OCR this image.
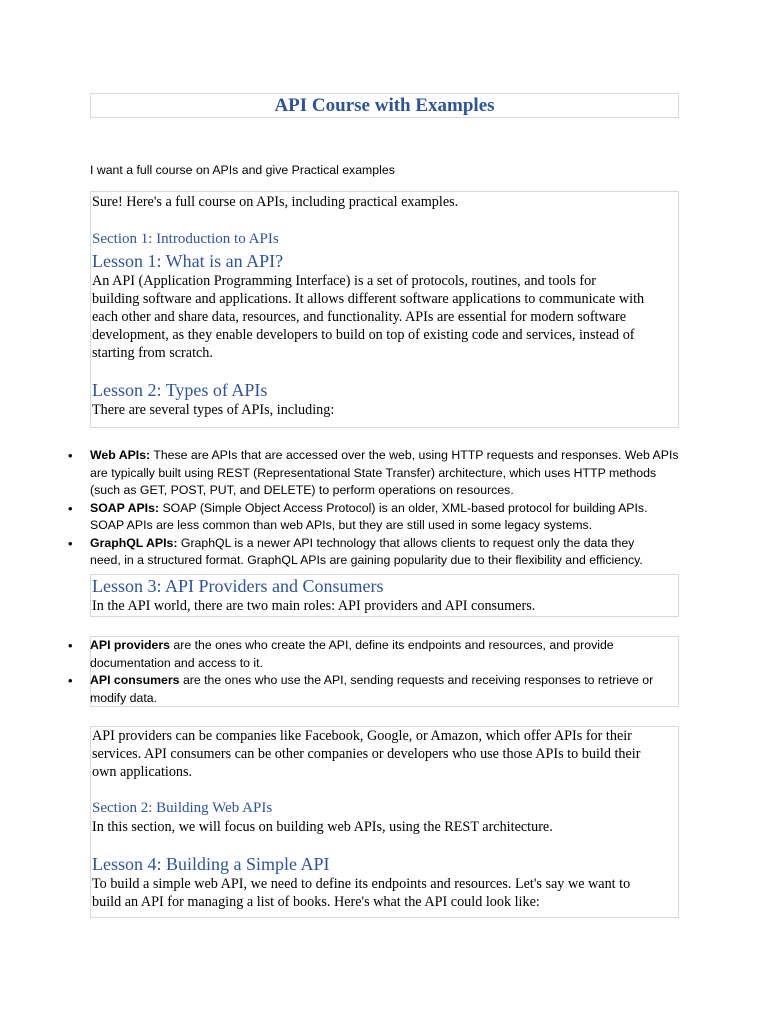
API Course with Examples
I want a full course on APIs and give Practical examples

Sure! Here's a full course on APIs, including practical examples.

Section 1: Introduction to APIs

Lesson 1: What is an API?

An API (Application Programming Interface) is a set of protocols, routines, and tools for

building software and applications. It allows different software applications to communicate with

each other and share data, resources, and functionality. APIs are essential for modern software

development, as they enable developers to build on top of existing code and services, instead of

starting from scratch.

Lesson 2: Types of APIs

There are several types of APIs, including:

• Web APIs: These are APIs that are accessed over the web, using HTTP requests and responses. Web APIs
are typically built using REST (Representational State Transfer) architecture, which uses HTTP methods
(such as GET, POST, PUT, and DELETE) to perform operations on resources.
• SOAP APIs: SOAP (Simple Object Access Protocol) is an older, XML-based protocol for building APIs.
SOAP APIs are less common than web APIs, but they are still used in some legacy systems.
• GraphQL APIs: GraphQL is a newer API technology that allows clients to request only the data they
need, in a structured format. GraphQL APIs are gaining popularity due to their flexibility and efficiency.

Lesson 3: API Providers and Consumers

In the API world, there are two main roles: API providers and API consumers.

• API providers are the ones who create the API, define its endpoints and resources, and provide
documentation and access to it.
• API consumers are the ones who use the API, sending requests and receiving responses to retrieve or
modify data.

API providers can be companies like Facebook, Google, or Amazon, which offer APIs for their

services. API consumers can be other companies or developers who use those APIs to build their

own applications.

Section 2: Building Web APIs

In this section, we will focus on building web APIs, using the REST architecture.

Lesson 4: Building a Simple API

To build a simple web API, we need to define its endpoints and resources. Let's say we want to

build an API for managing a list of books. Here's what the API could look like:
